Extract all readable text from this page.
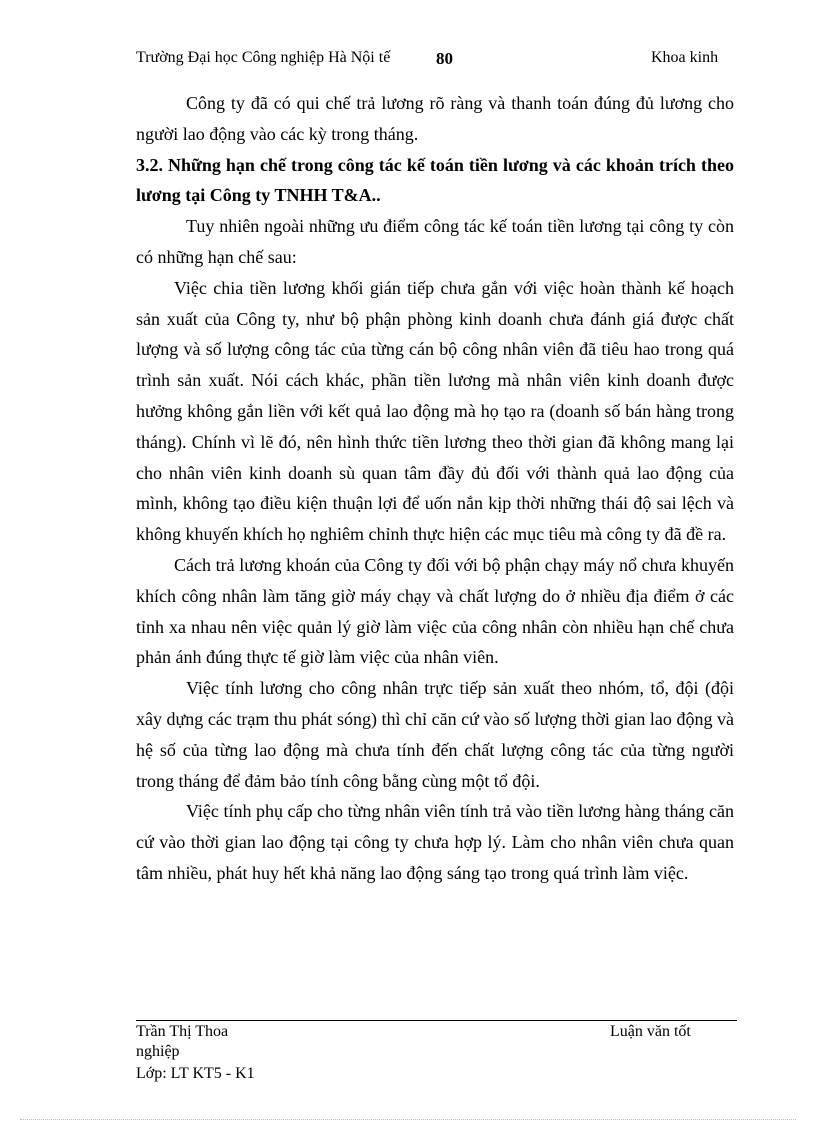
Trường Đại học Công nghiệp Hà Nội tế	80	Khoa kinh

Công ty đã có qui chế trả lương rõ ràng và thanh toán đúng đủ lương cho người lao động vào các kỳ trong tháng.

3.2. Những hạn chế trong công tác kế toán tiền lương và các khoản trích theo lương tại Công ty TNHH T&A..

Tuy nhiên ngoài những ưu điểm công tác kế toán tiền lương tại công ty còn có những hạn chế sau:

Việc chia tiền lương khối gián tiếp chưa gắn với việc hoàn thành kế hoạch sản xuất của Công ty, như bộ phận phòng kinh doanh chưa đánh giá được chất lượng và số lượng công tác của từng cán bộ công nhân viên đã tiêu hao trong quá trình sản xuất. Nói cách khác, phần tiền lương mà nhân viên kinh doanh được hưởng không gắn liền với kết quả lao động mà họ tạo ra (doanh số bán hàng trong tháng). Chính vì lẽ đó, nên hình thức tiền lương theo thời gian đã không mang lại cho nhân viên kinh doanh sù quan tâm đầy đủ đối với thành quả lao động của mình, không tạo điều kiện thuận lợi để uốn nắn kịp thời những thái độ sai lệch và không khuyến khích họ nghiêm chỉnh thực hiện các mục tiêu mà công ty đã đề ra.

Cách trả lương khoán của Công ty đối với bộ phận chạy máy nổ chưa khuyến khích công nhân làm tăng giờ máy chạy và chất lượng do ở nhiều địa điểm ở các tỉnh xa nhau nên việc quản lý giờ làm việc của công nhân còn nhiều hạn chế chưa phản ánh đúng thực tế giờ làm việc của nhân viên.

Việc tính lương cho công nhân trực tiếp sản xuất theo nhóm, tổ, đội (đội xây dựng các trạm thu phát sóng) thì chỉ căn cứ vào số lượng thời gian lao động và hệ số của từng lao động mà chưa tính đến chất lượng công tác của từng người trong tháng để đảm bảo tính công bằng cùng một tổ đội.

Việc tính phụ cấp cho từng nhân viên tính trả vào tiền lương hàng tháng căn cứ vào thời gian lao động tại công ty chưa hợp lý. Làm cho nhân viên chưa quan tâm nhiều, phát huy hết khả năng lao động sáng tạo trong quá trình làm việc.

Trần Thị Thoa nghiệp
Luận văn tốt
Lớp: LT KT5 - K1
